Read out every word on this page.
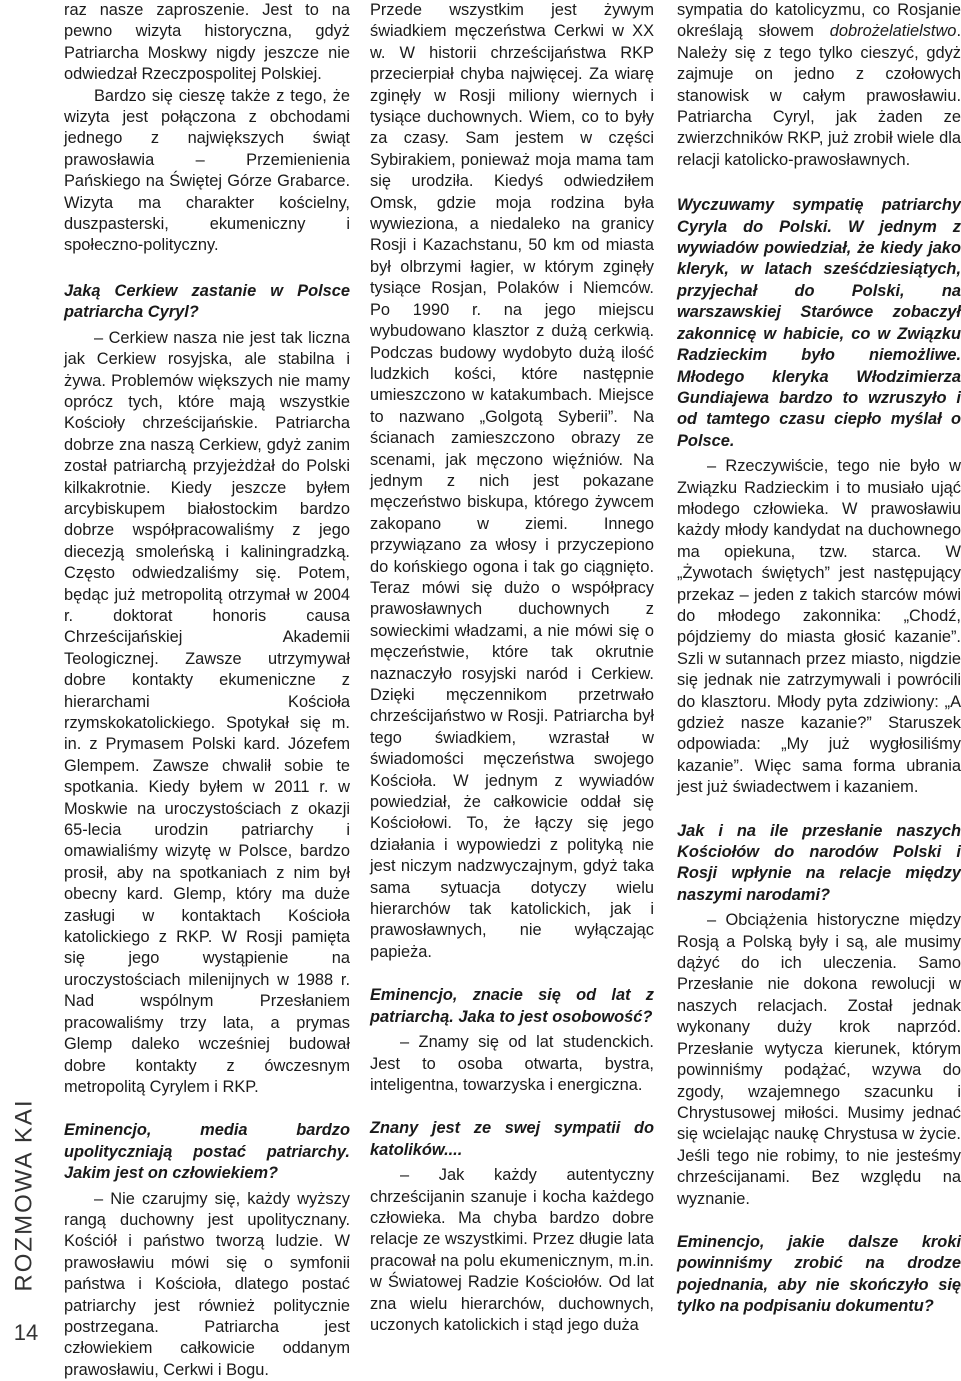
ROZMOWA KAI
14

raz nasze zaproszenie. Jest to na pewno wizyta historyczna, gdyż Patriarcha Moskwy nigdy jeszcze nie odwiedzał Rzeczpospolitej Polskiej.

Bardzo się cieszę także z tego, że wizyta jest połączona z obchodami jednego z największych świąt prawosławia – Przemienienia Pańskiego na Świętej Górze Grabarce. Wizyta ma charakter kościelny, duszpasterski, ekumeniczny i społeczno-polityczny.

Jaką Cerkiew zastanie w Polsce patriarcha Cyryl?

– Cerkiew nasza nie jest tak liczna jak Cerkiew rosyjska, ale stabilna i żywa. Problemów większych nie mamy oprócz tych, które mają wszystkie Kościoły chrześcijańskie. Patriarcha dobrze zna naszą Cerkiew, gdyż zanim został patriarchą przyjeżdżał do Polski kilkakrotnie. Kiedy jeszcze byłem arcybiskupem białostockim bardzo dobrze współpracowaliśmy z jego diecezją smoleńską i kaliningradzką. Często odwiedzaliśmy się. Potem, będąc już metropolitą otrzymał w 2004 r. doktorat honoris causa Chrześcijańskiej Akademii Teologicznej. Zawsze utrzymywał dobre kontakty ekumeniczne z hierarchami Kościoła rzymskokatolickiego. Spotykał się m. in. z Prymasem Polski kard. Józefem Glempem. Zawsze chwalił sobie te spotkania. Kiedy byłem w 2011 r. w Moskwie na uroczystościach z okazji 65-lecia urodzin patriarchy i omawialiśmy wizytę w Polsce, bardzo prosił, aby na spotkaniach z nim był obecny kard. Glemp, który ma duże zasługi w kontaktach Kościoła katolickiego z RKP. W Rosji pamięta się jego wystąpienie na uroczystościach milenijnych w 1988 r. Nad wspólnym Przesłaniem pracowaliśmy trzy lata, a prymas Glemp daleko wcześniej budował dobre kontakty z ówczesnym metropolitą Cyrylem i RKP.

Eminencjo, media bardzo upolityczniają postać patriarchy. Jakim jest on człowiekiem?

– Nie czarujmy się, każdy wyższy rangą duchowny jest upolitycznany. Kościół i państwo tworzą ludzie. W prawosławiu mówi się o symfonii państwa i Kościoła, dlatego postać patriarchy jest również politycznie postrzegana. Patriarcha jest człowiekiem całkowicie oddanym prawosławiu, Cerkwi i Bogu.

Przede wszystkim jest żywym świadkiem męczeństwa Cerkwi w XX w. W historii chrześcijaństwa RKP przecierpiał chyba najwięcej. Za wiarę zginęły w Rosji miliony wiernych i tysiące duchownych. Wiem, co to były za czasy. Sam jestem w części Sybirakiem, ponieważ moja mama tam się urodziła. Kiedyś odwiedziłem Omsk, gdzie moja rodzina była wywieziona, a niedaleko na granicy Rosji i Kazachstanu, 50 km od miasta był olbrzymi łagier, w którym zginęły tysiące Rosjan, Polaków i Niemców. Po 1990 r. na jego miejscu wybudowano klasztor z dużą cerkwią. Podczas budowy wydobyto dużą ilość ludzkich kości, które następnie umieszczono w katakumbach. Miejsce to nazwano „Golgotą Syberii”. Na ścianach zamieszczono obrazy ze scenami, jak męczono więźniów. Na jednym z nich jest pokazane męczeństwo biskupa, którego żywcem zakopano w ziemi. Innego przywiązano za włosy i przyczepiono do końskiego ogona i tak go ciągnięto. Teraz mówi się dużo o współpracy prawosławnych duchownych z sowieckimi władzami, a nie mówi się o męczeństwie, które tak okrutnie naznaczyło rosyjski naród i Cerkiew. Dzięki męczennikom przetrwało chrześcijaństwo w Rosji. Patriarcha był tego świadkiem, wzrastał w świadomości męczeństwa swojego Kościoła. W jednym z wywiadów powiedział, że całkowicie oddał się Kościołowi. To, że łączy się jego działania i wypowiedzi z polityką nie jest niczym nadzwyczajnym, gdyż taka sama sytuacja dotyczy wielu hierarchów tak katolickich, jak i prawosławnych, nie wyłączając papieża.

Eminencjo, znacie się od lat z patriarchą. Jaka to jest osobowość?

– Znamy się od lat studenckich. Jest to osoba otwarta, bystra, inteligentna, towarzyska i energiczna.

Znany jest ze swej sympatii do katolików....

– Jak każdy autentyczny chrześcijanin szanuje i kocha każdego człowieka. Ma chyba bardzo dobre relacje ze wszystkimi. Przez długie lata pracował na polu ekumenicznym, m.in. w Światowej Radzie Kościołów. Od lat zna wielu hierarchów, duchownych, uczonych katolickich i stąd jego duża

sympatia do katolicyzmu, co Rosjanie określają słowem dobrożelatielstwo. Należy się z tego tylko cieszyć, gdyż zajmuje on jedno z czołowych stanowisk w całym prawosławiu. Patriarcha Cyryl, jak żaden ze zwierzchników RKP, już zrobił wiele dla relacji katolicko-prawosławnych.

Wyczuwamy sympatię patriarchy Cyryla do Polski. W jednym z wywiadów powiedział, że kiedy jako kleryk, w latach sześćdziesiątych, przyjechał do Polski, na warszawskiej Starówce zobaczył zakonnicę w habicie, co w Związku Radzieckim było niemożliwe. Młodego kleryka Włodzimierza Gundiajewa bardzo to wzruszyło i od tamtego czasu ciepło myślał o Polsce.

– Rzeczywiście, tego nie było w Związku Radzieckim i to musiało ująć młodego człowieka. W prawosławiu każdy młody kandydat na duchownego ma opiekuna, tzw. starca. W „Żywotach świętych” jest następujący przekaz – jeden z takich starców mówi do młodego zakonnika: „Chodź, pójdziemy do miasta głosić kazanie”. Szli w sutannach przez miasto, nigdzie się jednak nie zatrzymywali i powrócili do klasztoru. Młody pyta zdziwiony: „A gdzież nasze kazanie?” Staruszek odpowiada: „My już wygłosiliśmy kazanie”. Więc sama forma ubrania jest już świadectwem i kazaniem.

Jak i na ile przesłanie naszych Kościołów do narodów Polski i Rosji wpłynie na relacje między naszymi narodami?

– Obciążenia historyczne między Rosją a Polską były i są, ale musimy dążyć do ich uleczenia. Samo Przesłanie nie dokona rewolucji w naszych relacjach. Został jednak wykonany duży krok naprzód. Przesłanie wytycza kierunek, którym powinniśmy podążać, wzywa do zgody, wzajemnego szacunku i Chrystusowej miłości. Musimy jednać się wcielając naukę Chrystusa w życie. Jeśli tego nie robimy, to nie jesteśmy chrześcijanami. Bez względu na wyznanie.

Eminencjo, jakie dalsze kroki powinniśmy zrobić na drodze pojednania, aby nie skończyło się tylko na podpisaniu dokumentu?
